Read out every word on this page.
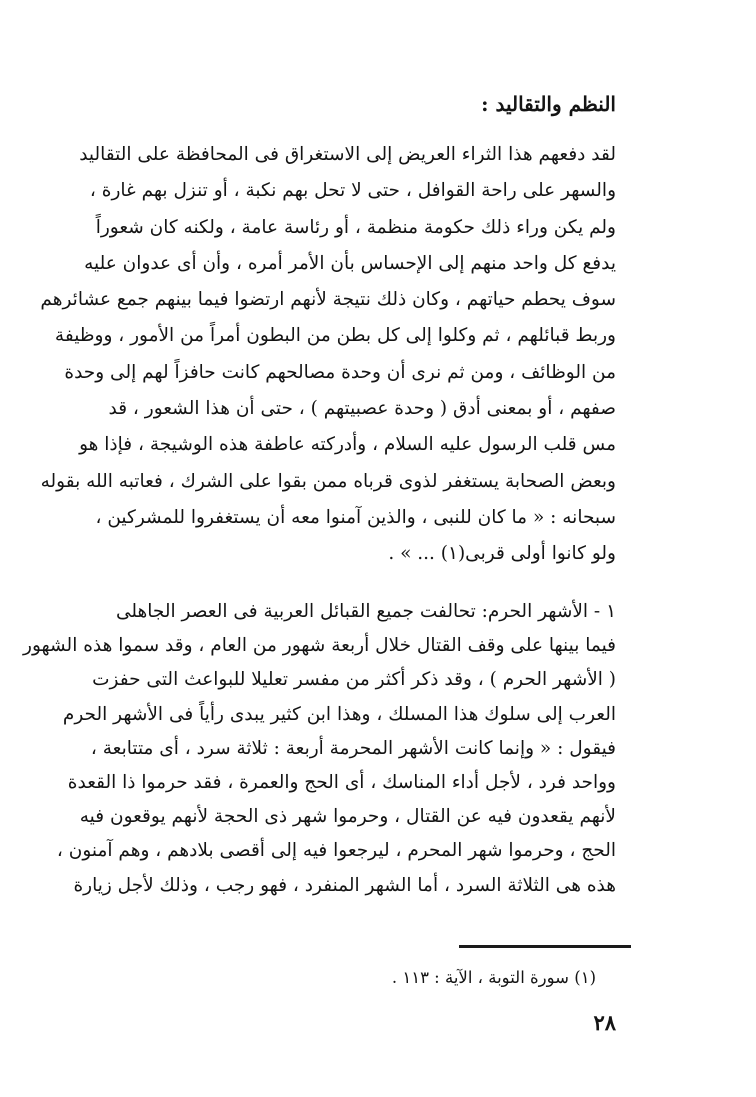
النظم والتقاليد :
لقد دفعهم هذا الثراء العريض إلى الاستغراق فى المحافظة على التقاليد
والسهر على راحة القوافل ، حتى لا تحل بهم نكبة ، أو تنزل بهم غارة ،
ولم يكن وراء ذلك حكومة منظمة ، أو رئاسة عامة ، ولكنه كان شعوراً
يدفع كل واحد منهم إلى الإحساس بأن الأمر أمره ، وأن أى عدوان عليه
سوف يحطم حياتهم ، وكان ذلك نتيجة لأنهم ارتضوا فيما بينهم جمع عشائرهم
وربط قبائلهم ، ثم وكلوا إلى كل بطن من البطون أمراً من الأمور ، ووظيفة
من الوظائف ، ومن ثم نرى أن وحدة مصالحهم كانت حافزاً لهم إلى وحدة
صفهم ، أو بمعنى أدق ( وحدة عصبيتهم ) ، حتى أن هذا الشعور ، قد
مس قلب الرسول عليه السلام ، وأدركته عاطفة هذه الوشيجة ، فإذا هو
وبعض الصحابة يستغفر لذوى قرباه ممن بقوا على الشرك ، فعاتبه الله بقوله
سبحانه : « ما كان للنبى ، والذين آمنوا معه أن يستغفروا للمشركين ،
ولو كانوا أولى قربى(١) ... » .
١ - الأشهر الحرم: تحالفت جميع القبائل العربية فى العصر الجاهلى
فيما بينها على وقف القتال خلال أربعة شهور من العام ، وقد سموا هذه الشهور
( الأشهر الحرم ) ، وقد ذكر أكثر من مفسر تعليلا للبواعث التى حفزت
العرب إلى سلوك هذا المسلك ، وهذا ابن كثير يبدى رأياً فى الأشهر الحرم
فيقول : « وإنما كانت الأشهر المحرمة أربعة : ثلاثة سرد ، أى متتابعة ،
وواحد فرد ، لأجل أداء المناسك ، أى الحج والعمرة ، فقد حرموا ذا القعدة
لأنهم يقعدون فيه عن القتال ، وحرموا شهر ذى الحجة لأنهم يوقعون فيه
الحج ، وحرموا شهر المحرم ، ليرجعوا فيه إلى أقصى بلادهم ، وهم آمنون ،
هذه هى الثلاثة السرد ، أما الشهر المنفرد ، فهو رجب ، وذلك لأجل زيارة

(١) سورة التوبة ، الآية : ١١٣ .

٢٨
